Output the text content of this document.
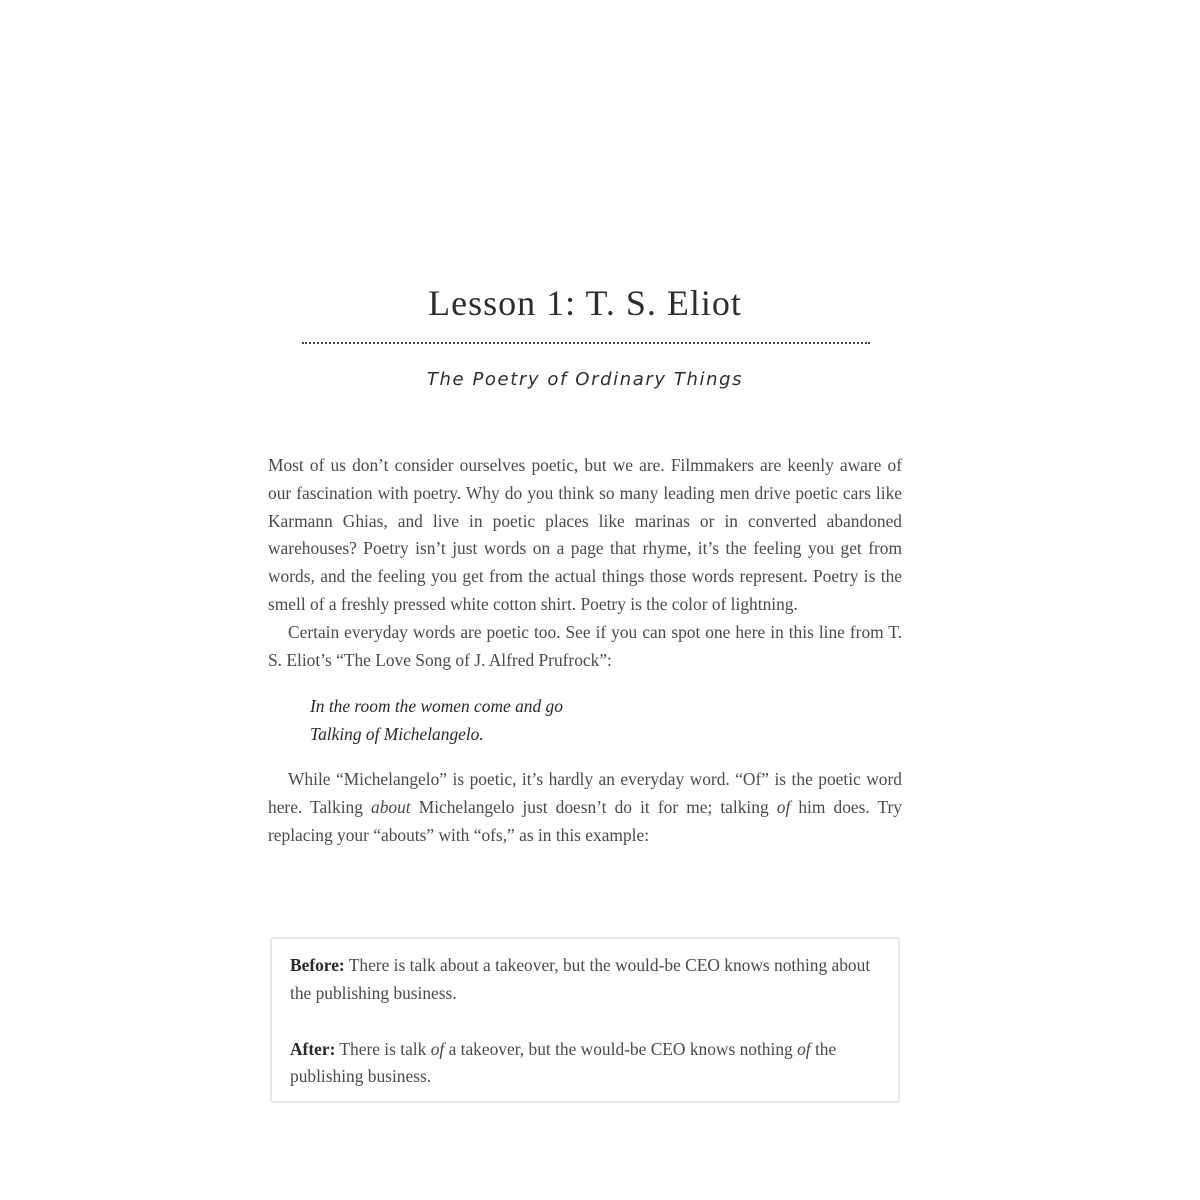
Lesson 1: T. S. Eliot
The Poetry of Ordinary Things

Most of us don’t consider ourselves poetic, but we are. Filmmakers are keenly aware of our fascination with poetry. Why do you think so many leading men drive poetic cars like Karmann Ghias, and live in poetic places like marinas or in converted abandoned warehouses? Poetry isn’t just words on a page that rhyme, it’s the feeling you get from words, and the feeling you get from the actual things those words represent. Poetry is the smell of a freshly pressed white cotton shirt. Poetry is the color of lightning.

Certain everyday words are poetic too. See if you can spot one here in this line from T. S. Eliot’s “The Love Song of J. Alfred Prufrock”:

In the room the women come and go
Talking of Michelangelo.

While “Michelangelo” is poetic, it’s hardly an everyday word. “Of” is the poetic word here. Talking about Michelangelo just doesn’t do it for me; talking of him does. Try replacing your “abouts” with “ofs,” as in this example:

Before: There is talk about a takeover, but the would-be CEO knows nothing about the publishing business.

After: There is talk of a takeover, but the would-be CEO knows nothing of the publishing business.
